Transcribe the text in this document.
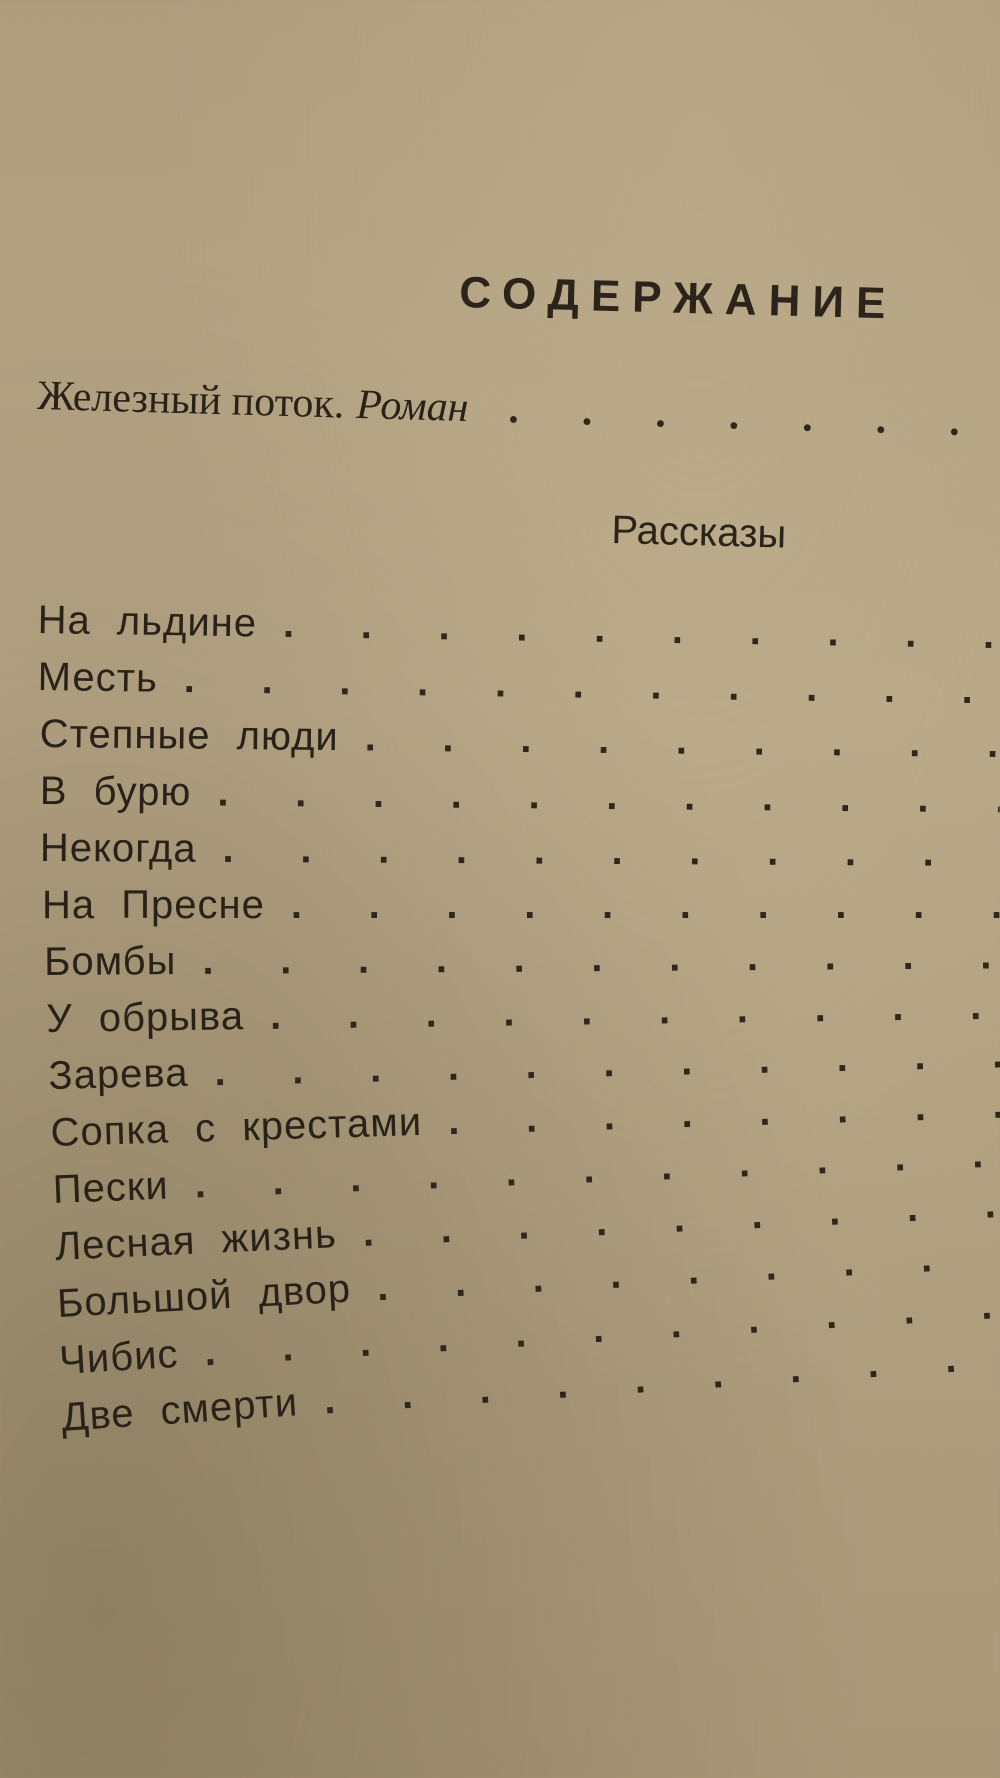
СОДЕРЖАНИЕ
Железный поток. Роман
.
Рассказы
На льдине
.
Месть
.
Степные люди
.
В бурю
.
Некогда
.
На Пресне
.
Бомбы
.
У обрыва
.
Зарева
.
Сопка с крестами
.
Пески
.
Лесная жизнь
.
Большой двор
.
Чибис
.
Две смерти
.
